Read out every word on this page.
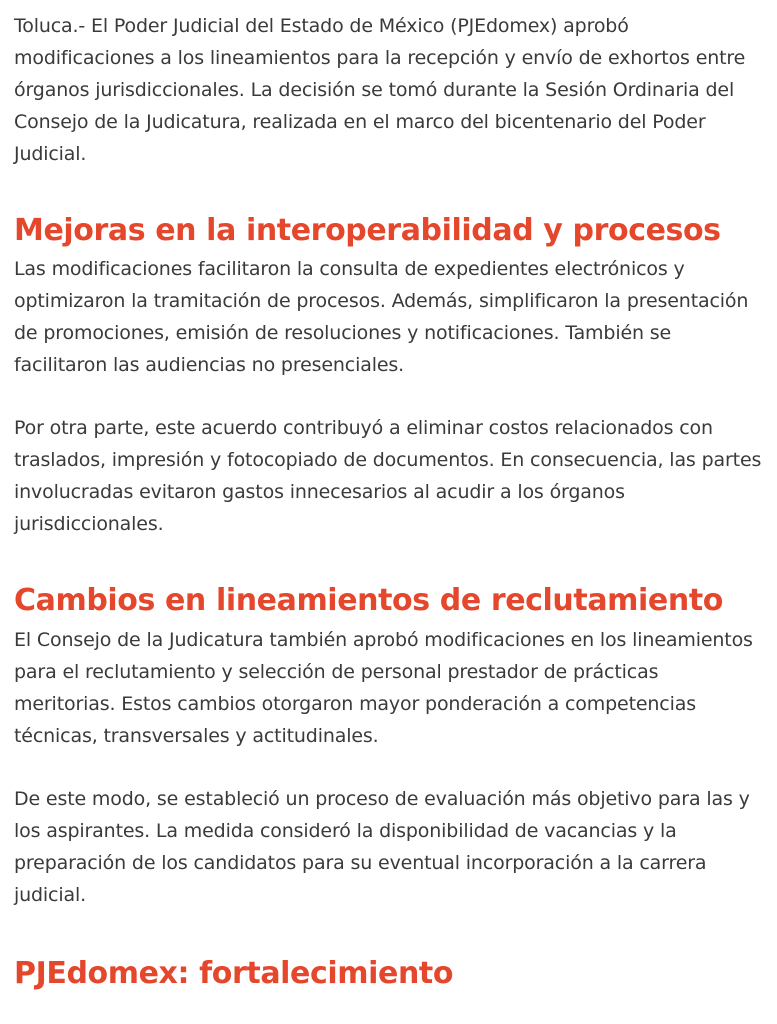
Toluca.- El Poder Judicial del Estado de México (PJEdomex) aprobó modificaciones a los lineamientos para la recepción y envío de exhortos entre órganos jurisdiccionales. La decisión se tomó durante la Sesión Ordinaria del Consejo de la Judicatura, realizada en el marco del bicentenario del Poder Judicial.

Mejoras en la interoperabilidad y procesos

Las modificaciones facilitaron la consulta de expedientes electrónicos y optimizaron la tramitación de procesos. Además, simplificaron la presentación de promociones, emisión de resoluciones y notificaciones. También se facilitaron las audiencias no presenciales.

Por otra parte, este acuerdo contribuyó a eliminar costos relacionados con traslados, impresión y fotocopiado de documentos. En consecuencia, las partes involucradas evitaron gastos innecesarios al acudir a los órganos jurisdiccionales.

Cambios en lineamientos de reclutamiento

El Consejo de la Judicatura también aprobó modificaciones en los lineamientos para el reclutamiento y selección de personal prestador de prácticas meritorias. Estos cambios otorgaron mayor ponderación a competencias técnicas, transversales y actitudinales.

De este modo, se estableció un proceso de evaluación más objetivo para las y los aspirantes. La medida consideró la disponibilidad de vacancias y la preparación de los candidatos para su eventual incorporación a la carrera judicial.

PJEdomex: fortalecimiento
